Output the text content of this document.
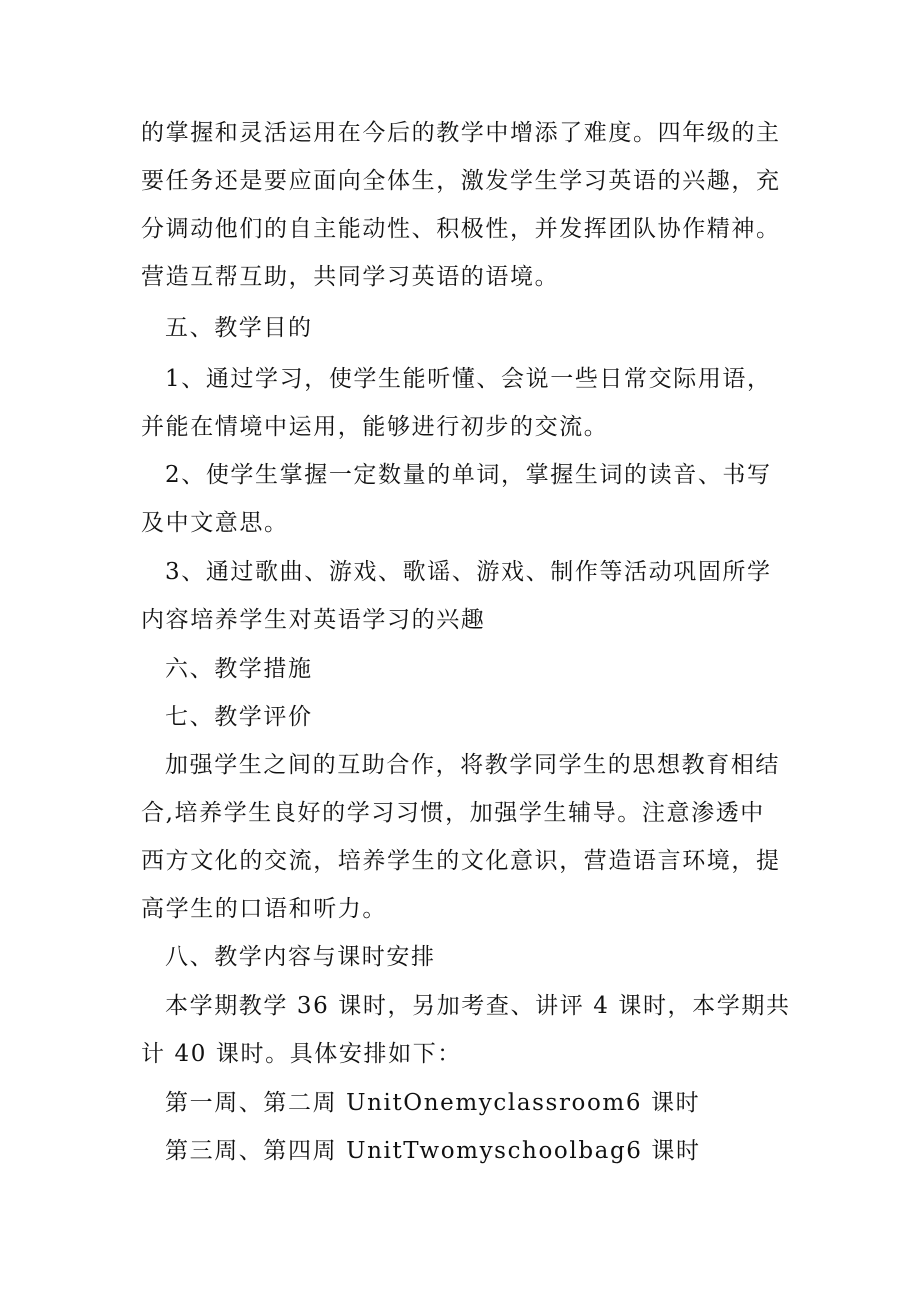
的掌握和灵活运用在今后的教学中增添了难度。四年级的主
要任务还是要应面向全体生，激发学生学习英语的兴趣，充
分调动他们的自主能动性、积极性，并发挥团队协作精神。
营造互帮互助，共同学习英语的语境。
五、教学目的
1、通过学习，使学生能听懂、会说一些日常交际用语，
并能在情境中运用，能够进行初步的交流。
2、使学生掌握一定数量的单词，掌握生词的读音、书写
及中文意思。
3、通过歌曲、游戏、歌谣、游戏、制作等活动巩固所学
内容培养学生对英语学习的兴趣
六、教学措施
七、教学评价
加强学生之间的互助合作，将教学同学生的思想教育相结
合,培养学生良好的学习习惯，加强学生辅导。注意渗透中
西方文化的交流，培养学生的文化意识，营造语言环境，提
高学生的口语和听力。
八、教学内容与课时安排
本学期教学 36 课时，另加考查、讲评 4 课时，本学期共
计 40 课时。具体安排如下：
第一周、第二周 UnitOnemyclassroom6 课时
第三周、第四周 UnitTwomyschoolbag6 课时
